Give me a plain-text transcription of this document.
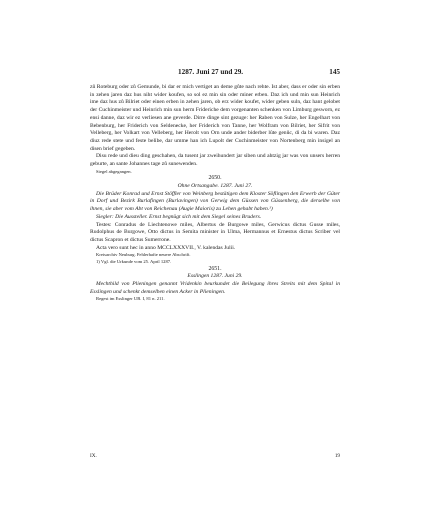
1287. Juni 27 und 29.	145

zů Roteburg oder zů Gemunde, bi dar er mich vertiget an deme gůte nach rehte. Ist aber, dass er oder sin erben in zehen jaren daz hus niht wider koufen, so sol ez min sin oder miner erben. Daz ich und min sun Heinrich ime daz hus zů Bilriet oder einen erben in zehen jaren, ob erz wider koufet, wider geben suln, daz hant gelobet der Cuchinmeister und Heinrich min sun herm Frideriche dem vorgenanten schenken von Limburg gesworn, ez ensi danne, daz wir ez verliesen ane geverde. Dirre dinge sint gezuge: her Raben von Sulze, her Engelhart von Bebenburg, her Friderich von Seldenecke, her Friderich von Tanne, her Wolfram von Bilriet, her Sifrit von Velleberg, her Volkart von Velleberg, her Herolt von Orn unde ander biderber lûte genůc, di da bi waren. Daz diuz rede stete und feste belibe, dar umme han ich Lupolt der Cuchinmeister von Nortenberg min insigel an disen brief gegeben.

Disu rede und dieu ding geschahen, da tusent jar zweihundert jar siben und ahtzig jar was von unsers herren geburte, an sante Johannes tage zů sunewenden.

Siegel abgegangen.

2650.

Ohne Ortsangabe. 1287. Juni 27.

Die Brüder Konrad und Ernst Stöffler von Weinberg bestätigen dem Kloster Söflingen den Erwerb der Güter in Dorf und Bezirk Burlafingen (Burlavingen) von Gerwig dem Güssen von Güssenberg, die derselbe von ihnen, sie aber vom Abt von Reichenau (Augie Maioris) zu Lehen gehabt haben.¹)

Siegler: Die Aussteller. Ernst begnügt sich mit dem Siegel seines Bruders.

Testes: Conradus de Liechtenowe miles, Albertus de Burgowe miles, Gerwicus dictus Gusse miles, Rudolphus de Burgowe, Otto dictus in Semita minister in Ulma, Hermannus et Ernestus dictus Scriber vel dictus Scapron et dictus Sumerrone.

Acta vero sunt hec in anno MCCLXXXVII., V. kalendas Julii.

Kreisarchiv Neuburg. Fehlerhafte neuere Abschrift.

1) Vgl. die Urkunde vom 25. April 1287.

2651.

Esslingen 1287. Juni 29.

Mechthild von Plieningen genannt Vridenkin beurkundet die Beilegung ihres Streits mit dem Spital in Esslingen und schenkt demselben einen Acker in Plieningen.

Regest im Esslinger UB. I, 81 n. 211.

IX.	19
